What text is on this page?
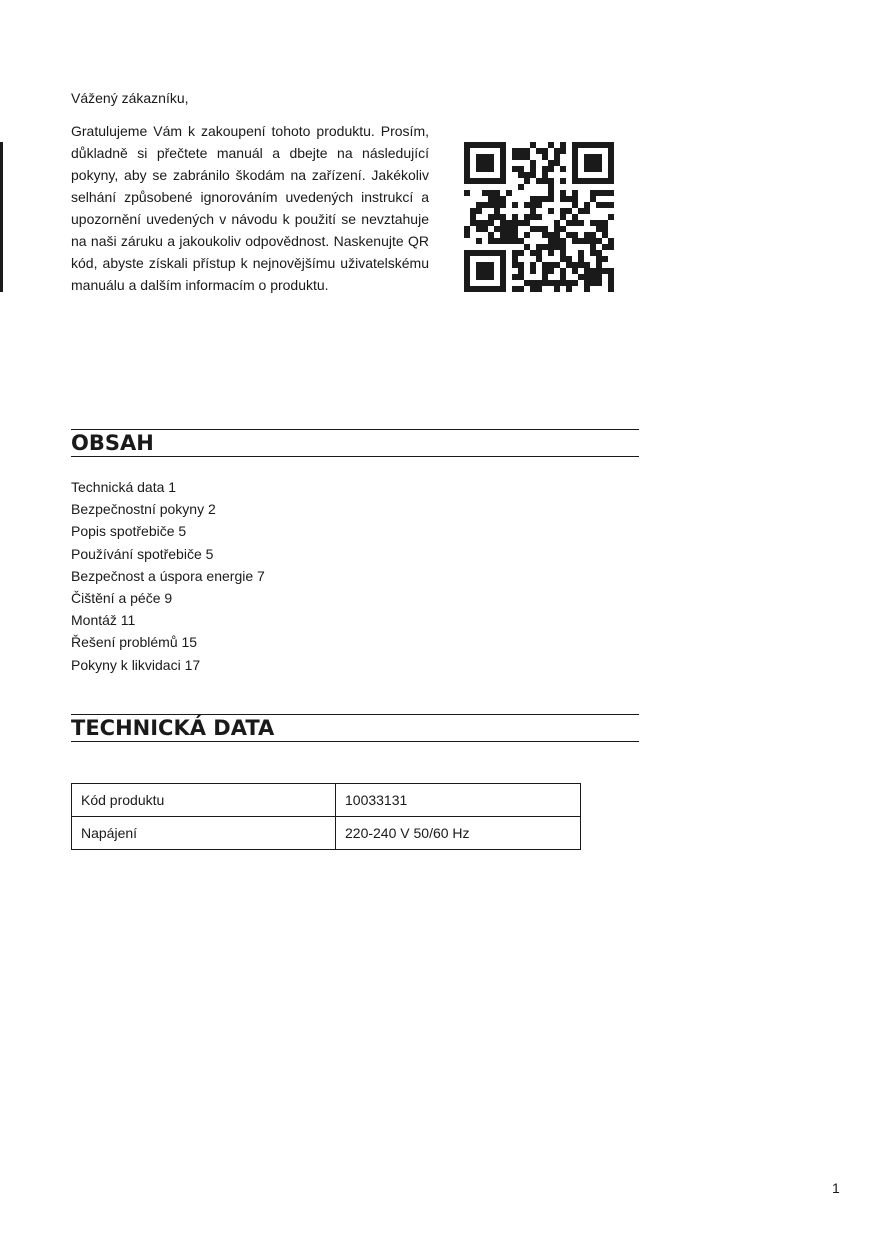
Vážený zákazníku,

Gratulujeme Vám k zakoupení tohoto produktu. Prosím, důkladně si přečtete manuál a dbejte na následující pokyny, aby se zabránilo škodám na zařízení. Jakékoliv selhání způsobené ignorováním uvedených instrukcí a upozornění uvedených v návodu k použití se nevztahuje na naši záruku a jakoukoliv odpovědnost. Naskenujte QR kód, abyste získali přístup k nejnovějšímu uživatelskému manuálu a dalším informacím o produktu.

OBSAH
Technická data 1
Bezpečnostní pokyny 2
Popis spotřebiče 5
Používání spotřebiče 5
Bezpečnost a úspora energie 7
Čištění a péče 9
Montáž 11
Řešení problémů 15
Pokyny k likvidaci 17
TECHNICKÁ DATA
Kód produktu	10033131
Napájení	220-240 V 50/60 Hz
1
